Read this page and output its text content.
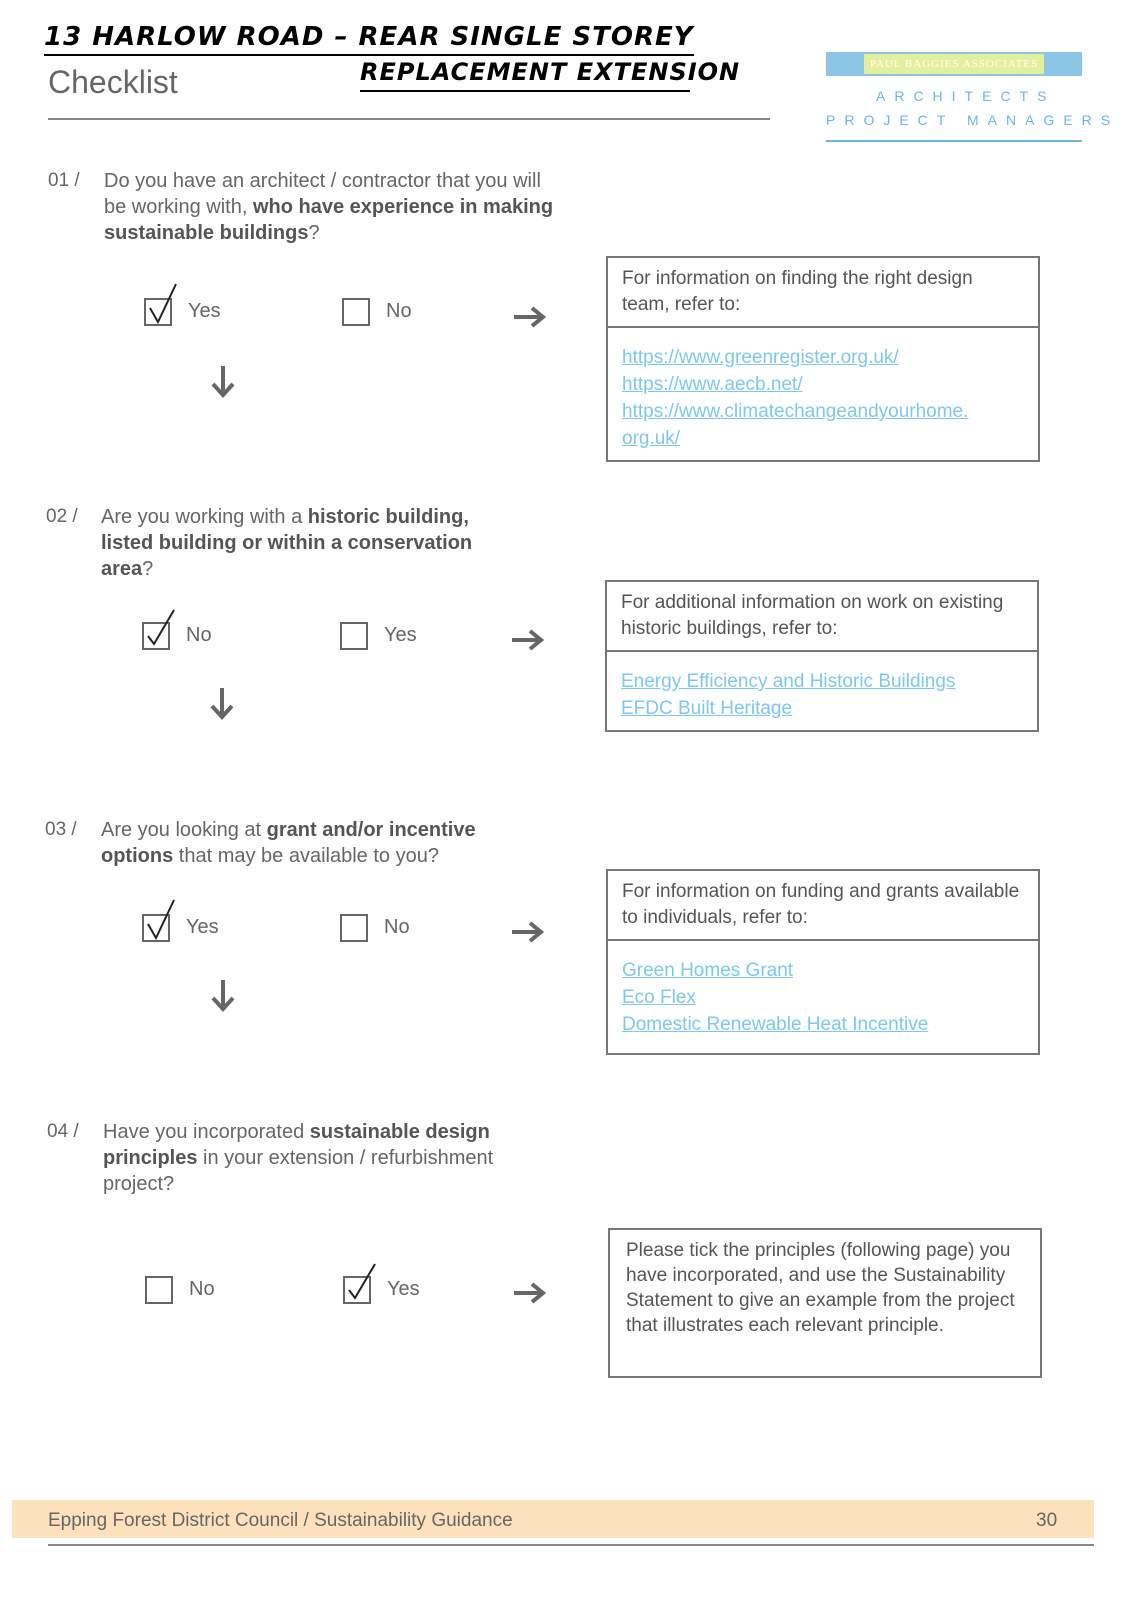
13 HARLOW ROAD – REAR SINGLE STOREY
REPLACEMENT EXTENSION
Checklist	PAUL BAGGIES ASSOCIATES
ARCHITECTS
PROJECT MANAGERS
01 / Do you have an architect / contractor that you will be working with, who have experience in making sustainable buildings?
Yes	No
For information on finding the right design team, refer to:
https://www.greenregister.org.uk/
https://www.aecb.net/
https://www.climatechangeandyourhome.
org.uk/
02 / Are you working with a historic building, listed building or within a conservation area?
No	Yes
For additional information on work on existing historic buildings, refer to:
Energy Efficiency and Historic Buildings
EFDC Built Heritage
03 / Are you looking at grant and/or incentive options that may be available to you?
Yes	No
For information on funding and grants available to individuals, refer to:
Green Homes Grant
Eco Flex
Domestic Renewable Heat Incentive
04 / Have you incorporated sustainable design principles in your extension / refurbishment project?
No	Yes
Please tick the principles (following page) you have incorporated, and use the Sustainability Statement to give an example from the project that illustrates each relevant principle.
Epping Forest District Council / Sustainability Guidance	30
